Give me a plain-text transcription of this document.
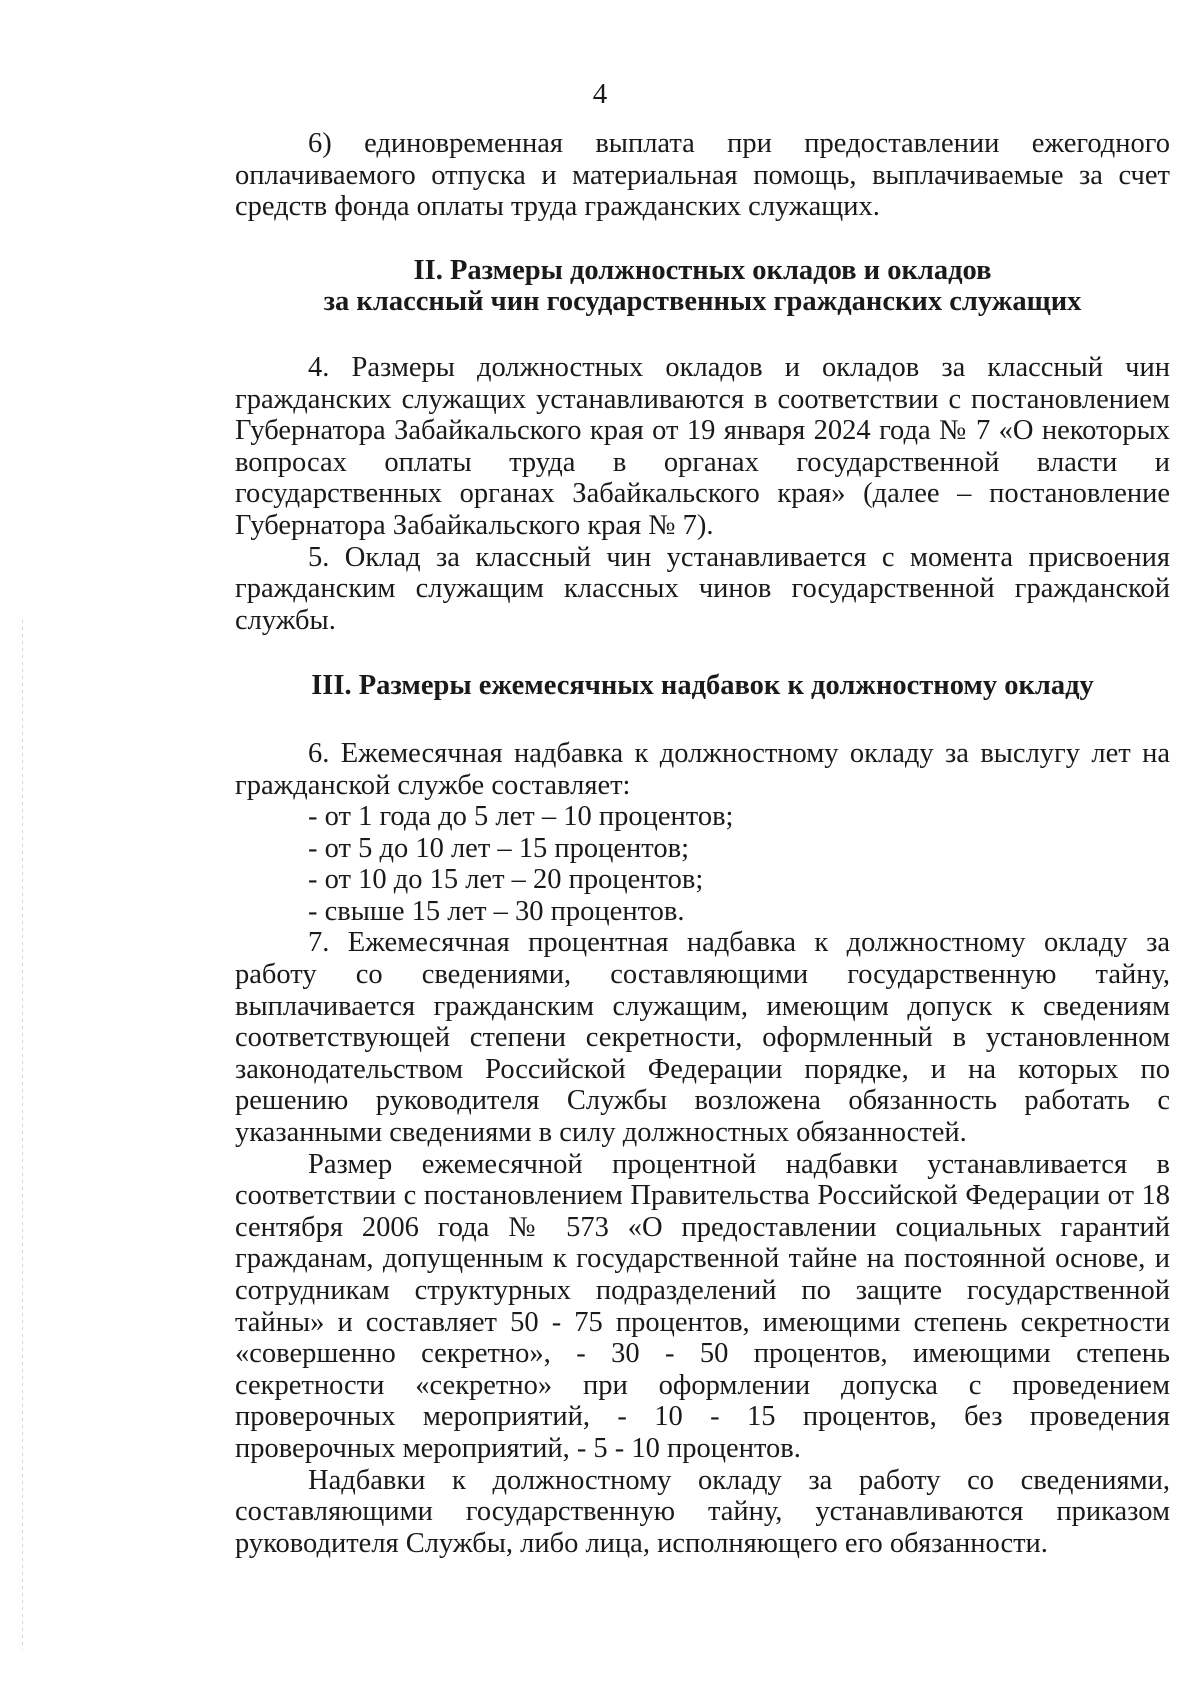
4

6) единовременная выплата при предоставлении ежегодного оплачиваемого отпуска и материальная помощь, выплачиваемые за счет средств фонда оплаты труда гражданских служащих.

II. Размеры должностных окладов и окладов
за классный чин государственных гражданских служащих

4. Размеры должностных окладов и окладов за классный чин гражданских служащих устанавливаются в соответствии с постановлением Губернатора Забайкальского края от 19 января 2024 года № 7 «О некоторых вопросах оплаты труда в органах государственной власти и государственных органах Забайкальского края» (далее – постановление Губернатора Забайкальского края № 7).

5. Оклад за классный чин устанавливается с момента присвоения гражданским служащим классных чинов государственной гражданской службы.

III. Размеры ежемесячных надбавок к должностному окладу

6. Ежемесячная надбавка к должностному окладу за выслугу лет на гражданской службе составляет:

- от 1 года до 5 лет – 10 процентов;

- от 5 до 10 лет – 15 процентов;

- от 10 до 15 лет – 20 процентов;

- свыше 15 лет – 30 процентов.

7. Ежемесячная процентная надбавка к должностному окладу за работу со сведениями, составляющими государственную тайну, выплачивается гражданским служащим, имеющим допуск к сведениям соответствующей степени секретности, оформленный в установленном законодательством Российской Федерации порядке, и на которых по решению руководителя Службы возложена обязанность работать с указанными сведениями в силу должностных обязанностей.

Размер ежемесячной процентной надбавки устанавливается в соответствии с постановлением Правительства Российской Федерации от 18 сентября 2006 года № 573 «О предоставлении социальных гарантий гражданам, допущенным к государственной тайне на постоянной основе, и сотрудникам структурных подразделений по защите государственной тайны» и составляет 50 - 75 процентов, имеющими степень секретности «совершенно секретно», - 30 - 50 процентов, имеющими степень секретности «секретно» при оформлении допуска с проведением проверочных мероприятий, - 10 - 15 процентов, без проведения проверочных мероприятий, - 5 - 10 процентов.

Надбавки к должностному окладу за работу со сведениями, составляющими государственную тайну, устанавливаются приказом руководителя Службы, либо лица, исполняющего его обязанности.
